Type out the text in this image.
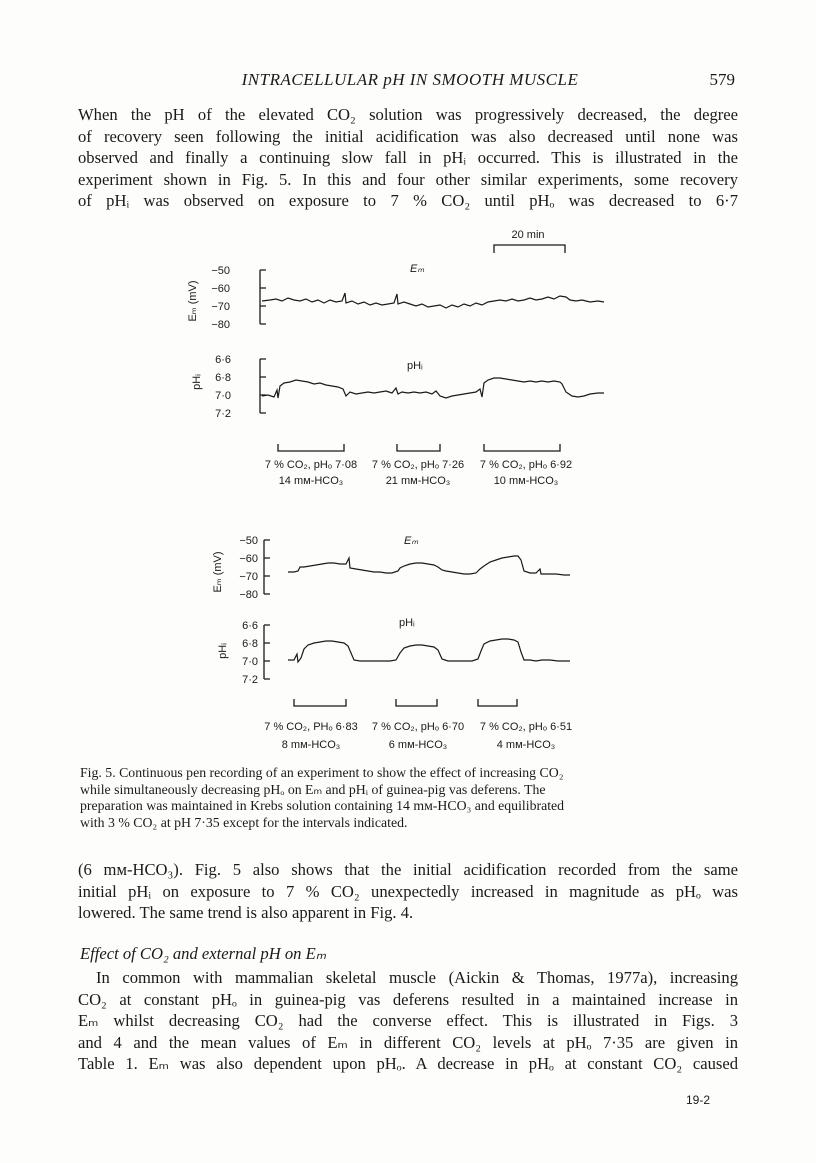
INTRACELLULAR pH IN SMOOTH MUSCLE	579
When the pH of the elevated CO₂ solution was progressively decreased, the degree
of recovery seen following the initial acidification was also decreased until none was
observed and finally a continuing slow fall in pHᵢ occurred. This is illustrated in the
experiment shown in Fig. 5. In this and four other similar experiments, some recovery
of pHᵢ was observed on exposure to 7 % CO₂ until pHₒ was decreased to 6·7
20 min
Eₘ
Eₘ (mV)
−50
−60
−70
−80
pHᵢ
pHᵢ
6·6
6·8
7·0
7·2
7 % CO₂, pHₒ 7·08
14 mᴍ-HCO₃
7 % CO₂, pHₒ 7·26
21 mᴍ-HCO₃
7 % CO₂, pHₒ 6·92
10 mᴍ-HCO₃
Eₘ
Eₘ (mV)
−50
−60
−70
−80
pHᵢ
pHᵢ
6·6
6·8
7·0
7·2
7 % CO₂, PHₒ 6·83
8 mᴍ-HCO₃
7 % CO₂, pHₒ 6·70
6 mᴍ-HCO₃
7 % CO₂, pHₒ 6·51
4 mᴍ-HCO₃
Fig. 5. Continuous pen recording of an experiment to show the effect of increasing CO₂
while simultaneously decreasing pHₒ on Eₘ and pHᵢ of guinea-pig vas deferens. The
preparation was maintained in Krebs solution containing 14 mᴍ-HCO₃ and equilibrated
with 3 % CO₂ at pH 7·35 except for the intervals indicated.
(6 mᴍ-HCO₃). Fig. 5 also shows that the initial acidification recorded from the same
initial pHᵢ on exposure to 7 % CO₂ unexpectedly increased in magnitude as pHₒ was
lowered. The same trend is also apparent in Fig. 4.
Effect of CO₂ and external pH on Eₘ
In common with mammalian skeletal muscle (Aickin & Thomas, 1977a), increasing
CO₂ at constant pHₒ in guinea-pig vas deferens resulted in a maintained increase in
Eₘ whilst decreasing CO₂ had the converse effect. This is illustrated in Figs. 3
and 4 and the mean values of Eₘ in different CO₂ levels at pHₒ 7·35 are given in
Table 1. Eₘ was also dependent upon pHₒ. A decrease in pHₒ at constant CO₂ caused
19-2
